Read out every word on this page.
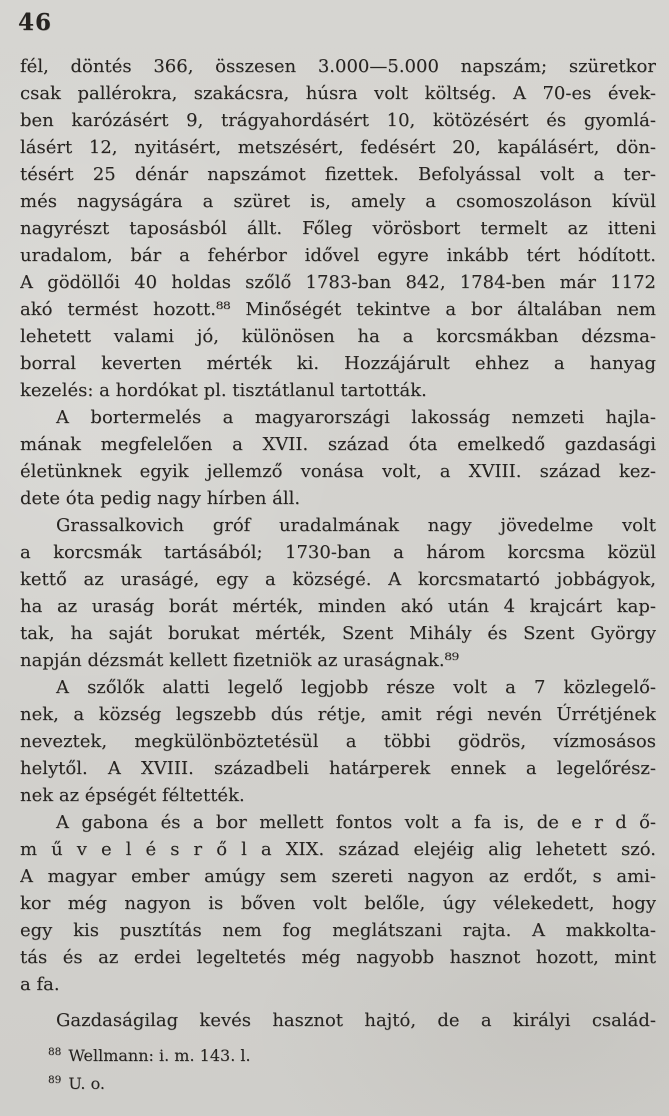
46
fél, döntés 366, összesen 3.000—5.000 napszám; szüretkor
csak pallérokra, szakácsra, húsra volt költség. A 70-es évek-
ben karózásért 9, trágyahordásért 10, kötözésért és gyomlá-
lásért 12, nyitásért, metszésért, fedésért 20, kapálásért, dön-
tésért 25 dénár napszámot fizettek. Befolyással volt a ter-
més nagyságára a szüret is, amely a csomoszoláson kívül
nagyrészt taposásból állt. Főleg vörösbort termelt az itteni
uradalom, bár a fehérbor idővel egyre inkább tért hódított.
A gödöllői 40 holdas szőlő 1783-ban 842, 1784-ben már 1172
akó termést hozott.⁸⁸ Minőségét tekintve a bor általában nem
lehetett valami jó, különösen ha a korcsmákban dézsma-
borral keverten mérték ki. Hozzájárult ehhez a hanyag
kezelés: a hordókat pl. tisztátlanul tartották.
A bortermelés a magyarországi lakosság nemzeti hajla-
mának megfelelően a XVII. század óta emelkedő gazdasági
életünknek egyik jellemző vonása volt, a XVIII. század kez-
dete óta pedig nagy hírben áll.
Grassalkovich gróf uradalmának nagy jövedelme volt
a korcsmák tartásából; 1730-ban a három korcsma közül
kettő az uraságé, egy a községé. A korcsmatartó jobbágyok,
ha az uraság borát mérték, minden akó után 4 krajcárt kap-
tak, ha saját borukat mérték, Szent Mihály és Szent György
napján dézsmát kellett fizetniök az uraságnak.⁸⁹
A szőlők alatti legelő legjobb része volt a 7 közlegelő-
nek, a község legszebb dús rétje, amit régi nevén Úrrétjének
neveztek, megkülönböztetésül a többi gödrös, vízmosásos
helytől. A XVIII. századbeli határperek ennek a legelőrész-
nek az épségét féltették.
A gabona és a bor mellett fontos volt a fa is, de e r d ő-
m ű v e l é s r ő l a XIX. század elejéig alig lehetett szó.
A magyar ember amúgy sem szereti nagyon az erdőt, s ami-
kor még nagyon is bőven volt belőle, úgy vélekedett, hogy
egy kis pusztítás nem fog meglátszani rajta. A makkolta-
tás és az erdei legeltetés még nagyobb hasznot hozott, mint
a fa.
Gazdaságilag kevés hasznot hajtó, de a királyi család-
$^{88}$ Wellmann: i. m. 143. l.
$^{89}$ U. o.
